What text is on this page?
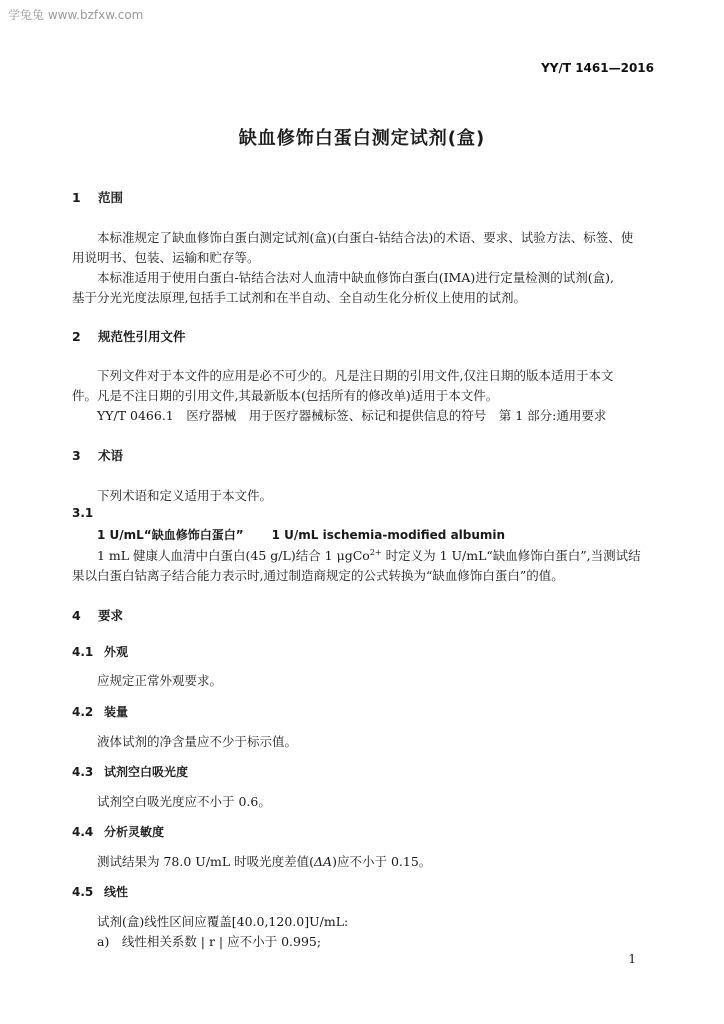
学兔兔 www.bzfxw.com
YY/T 1461—2016
缺血修饰白蛋白测定试剂(盒)
1 范围
本标准规定了缺血修饰白蛋白测定试剂(盒)(白蛋白-钴结合法)的术语、要求、试验方法、标签、使
用说明书、包装、运输和贮存等。
本标准适用于使用白蛋白-钴结合法对人血清中缺血修饰白蛋白(IMA)进行定量检测的试剂(盒),
基于分光光度法原理,包括手工试剂和在半自动、全自动生化分析仪上使用的试剂。
2 规范性引用文件
下列文件对于本文件的应用是必不可少的。凡是注日期的引用文件,仅注日期的版本适用于本文
件。凡是不注日期的引用文件,其最新版本(包括所有的修改单)适用于本文件。
YY/T 0466.1　医疗器械　用于医疗器械标签、标记和提供信息的符号　第 1 部分:通用要求
3 术语
下列术语和定义适用于本文件。
3.1
1 U/mL“缺血修饰白蛋白” 1 U/mL ischemia-modified albumin
1 mL 健康人血清中白蛋白(45 g/L)结合 1 μgCo$^{2+}$ 时定义为 1 U/mL“缺血修饰白蛋白”,当测试结
果以白蛋白钴离子结合能力表示时,通过制造商规定的公式转换为“缺血修饰白蛋白”的值。
4 要求
4.1 外观
应规定正常外观要求。
4.2 装量
液体试剂的净含量应不少于标示值。
4.3 试剂空白吸光度
试剂空白吸光度应不小于 0.6。
4.4 分析灵敏度
测试结果为 78.0 U/mL 时吸光度差值(ΔA)应不小于 0.15。
4.5 线性
试剂(盒)线性区间应覆盖[40.0,120.0]U/mL:
a)　线性相关系数 | r | 应不小于 0.995;
1
